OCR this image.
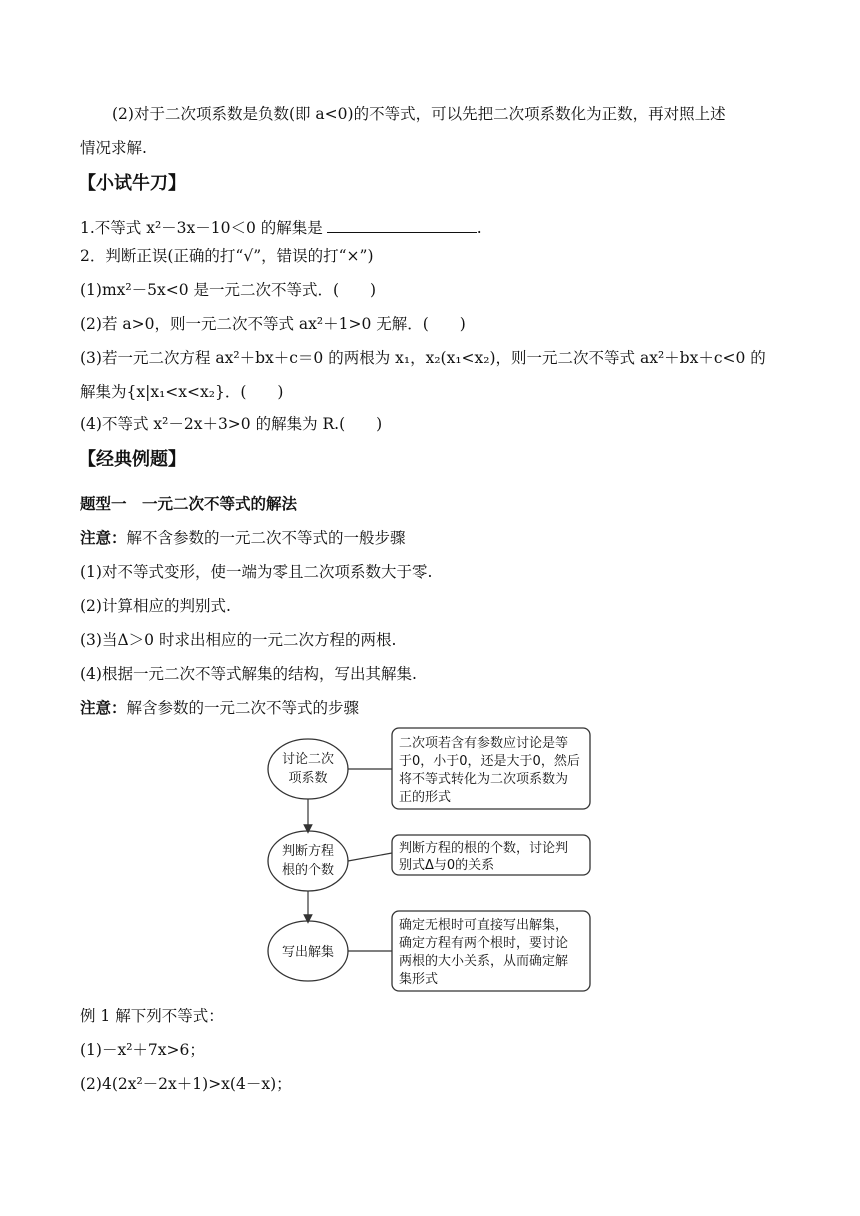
(2)对于二次项系数是负数(即 a<0)的不等式，可以先把二次项系数化为正数，再对照上述
情况求解.
【小试牛刀】
1.不等式 x²－3x－10＜0 的解集是	.
2．判断正误(正确的打“√”，错误的打“×”)
(1)mx²－5x<0 是一元二次不等式．(　　)
(2)若 a>0，则一元二次不等式 ax²＋1>0 无解．(　　)
(3)若一元二次方程 ax²＋bx＋c＝0 的两根为 x₁，x₂(x₁<x₂)，则一元二次不等式 ax²＋bx＋c<0 的
解集为{x|x₁<x<x₂}．(　　)
(4)不等式 x²－2x＋3>0 的解集为 R.(　　)
【经典例题】
题型一　一元二次不等式的解法
注意：解不含参数的一元二次不等式的一般步骤
(1)对不等式变形，使一端为零且二次项系数大于零.
(2)计算相应的判别式.
(3)当Δ＞0 时求出相应的一元二次方程的两根.
(4)根据一元二次不等式解集的结构，写出其解集.
注意：解含参数的一元二次不等式的步骤
讨论二次
项系数
判断方程
根的个数
写出解集
二次项若含有参数应讨论是等
于0，小于0，还是大于0，然后
将不等式转化为二次项系数为
正的形式
判断方程的根的个数，讨论判
别式Δ与0的关系
确定无根时可直接写出解集，
确定方程有两个根时，要讨论
两根的大小关系，从而确定解
集形式
例 1 解下列不等式：
(1)－x²＋7x>6；
(2)4(2x²－2x＋1)>x(4－x)；
